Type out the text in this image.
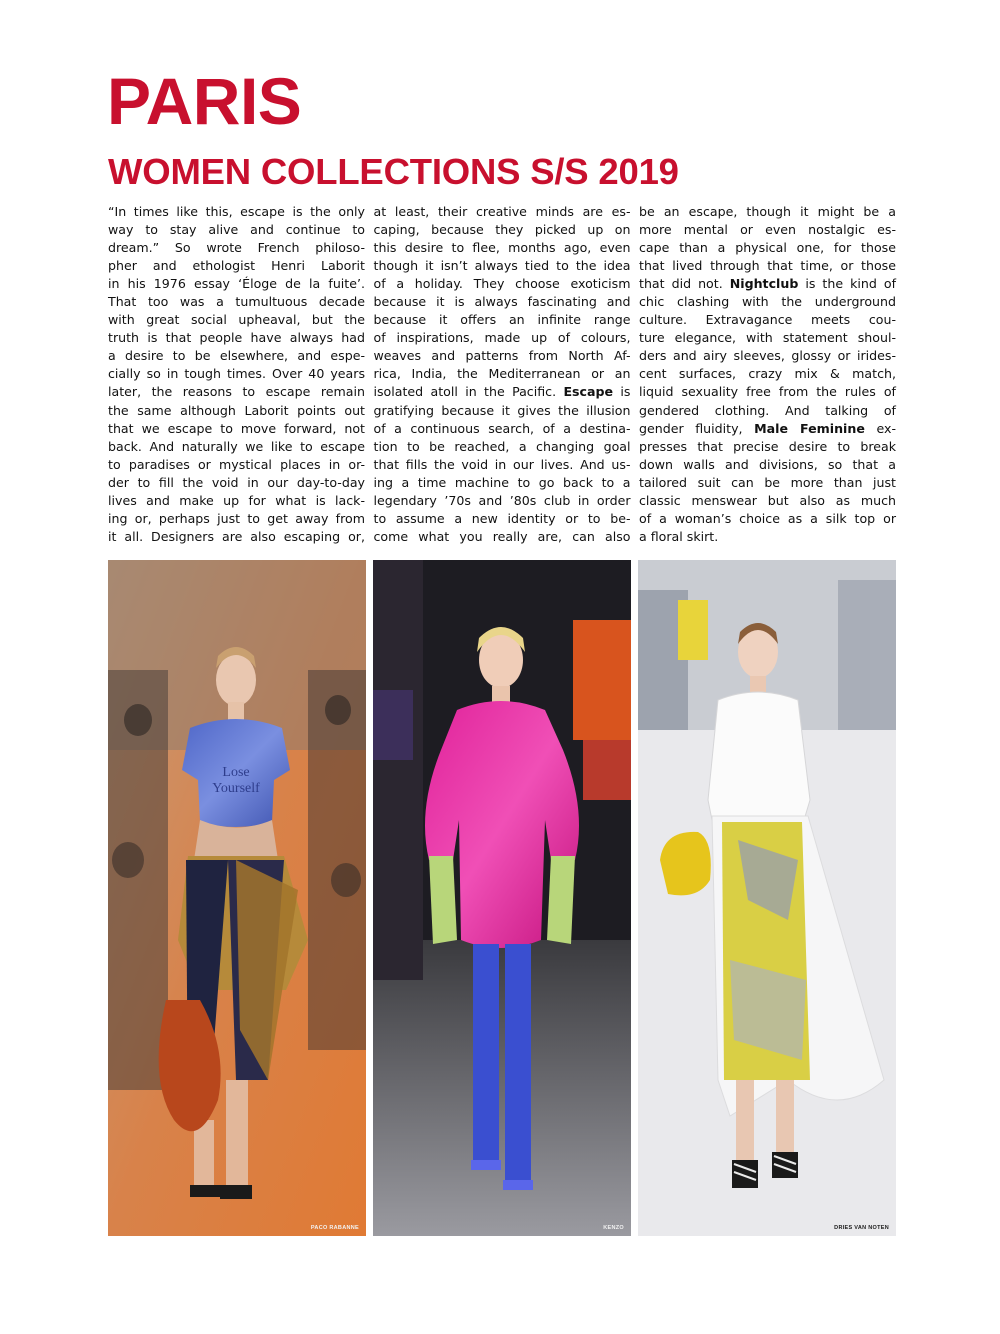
PARIS
WOMEN COLLECTIONS S/S 2019
“In times like this, escape is the only
way to stay alive and continue to
dream.” So wrote French philoso-
pher and ethologist Henri Laborit
in his 1976 essay ‘Éloge de la fuite’.
That too was a tumultuous decade
with great social upheaval, but the
truth is that people have always had
a desire to be elsewhere, and espe-
cially so in tough times. Over 40 years
later, the reasons to escape remain
the same although Laborit points out
that we escape to move forward, not
back. And naturally we like to escape
to paradises or mystical places in or-
der to fill the void in our day-to-day
lives and make up for what is lack-
ing or, perhaps just to get away from
it all. Designers are also escaping or,
at least, their creative minds are es-
caping, because they picked up on
this desire to flee, months ago, even
though it isn’t always tied to the idea
of a holiday. They choose exoticism
because it is always fascinating and
because it offers an infinite range
of inspirations, made up of colours,
weaves and patterns from North Af-
rica, India, the Mediterranean or an
isolated atoll in the Pacific. Escape is
gratifying because it gives the illusion
of a continuous search, of a destina-
tion to be reached, a changing goal
that fills the void in our lives. And us-
ing a time machine to go back to a
legendary ’70s and ’80s club in order
to assume a new identity or to be-
come what you really are, can also
be an escape, though it might be a
more mental or even nostalgic es-
cape than a physical one, for those
that lived through that time, or those
that did not. Nightclub is the kind of
chic clashing with the underground
culture. Extravagance meets cou-
ture elegance, with statement shoul-
ders and airy sleeves, glossy or irides-
cent surfaces, crazy mix & match,
liquid sexuality free from the rules of
gendered clothing. And talking of
gender fluidity, Male Feminine ex-
presses that precise desire to break
down walls and divisions, so that a
tailored suit can be more than just
classic menswear but also as much
of a woman’s choice as a silk top or
a floral skirt.
Lose
Yourself
PACO RABANNE	KENZO	DRIES VAN NOTEN
